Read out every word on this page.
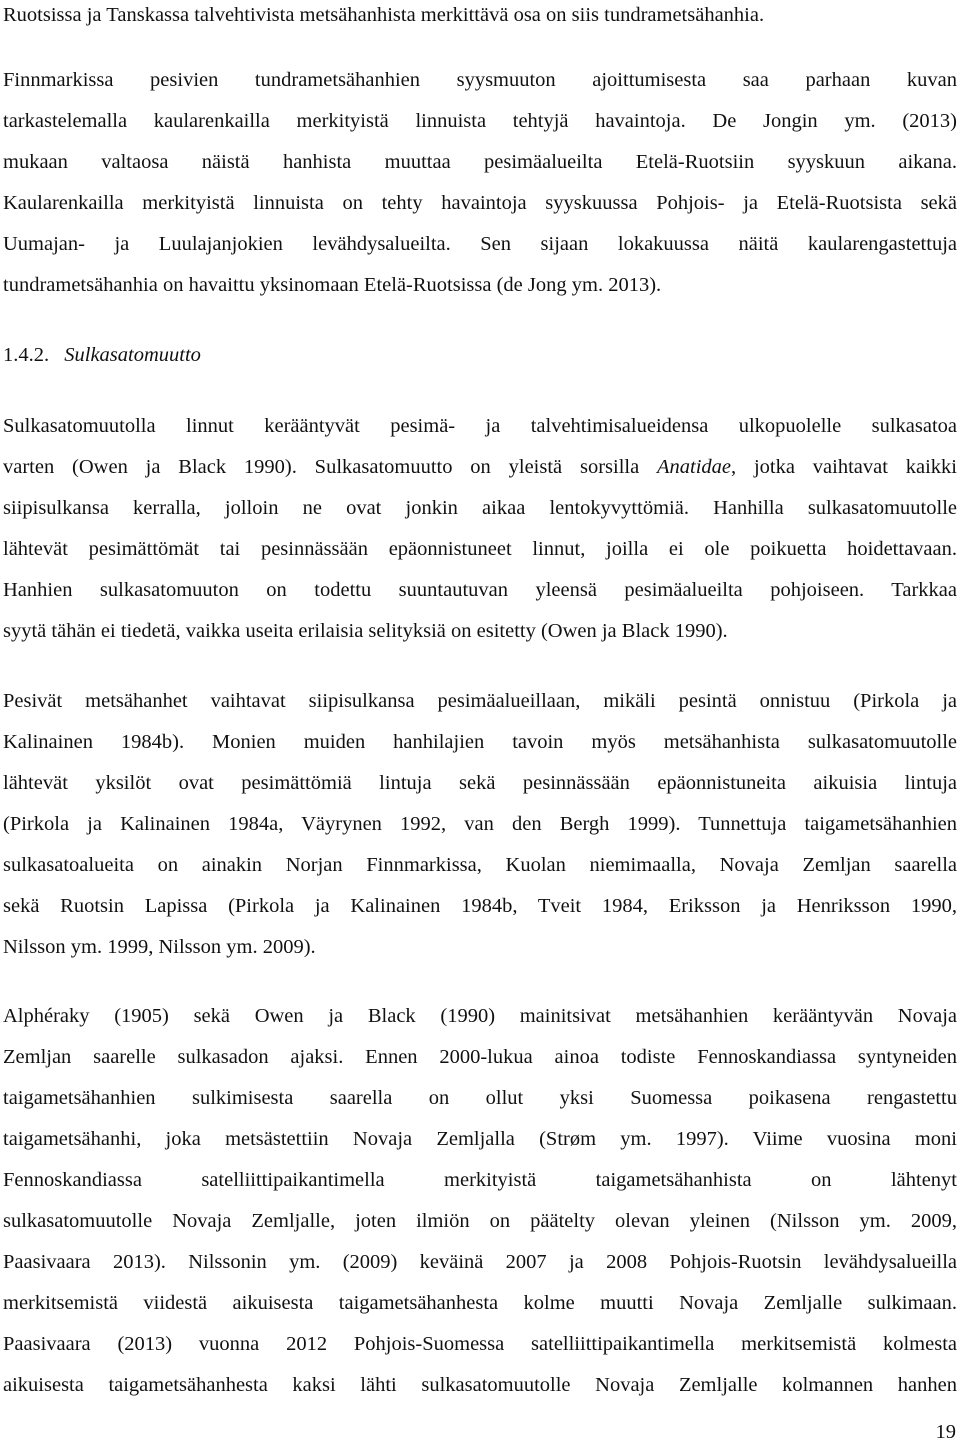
Ruotsissa ja Tanskassa talvehtivista metsähanhista merkittävä osa on siis tundrametsähanhia.
Finnmarkissa pesivien tundrametsähanhien syysmuuton ajoittumisesta saa parhaan kuvan
tarkastelemalla kaularenkailla merkityistä linnuista tehtyjä havaintoja. De Jongin ym. (2013)
mukaan valtaosa näistä hanhista muuttaa pesimäalueilta Etelä-Ruotsiin syyskuun aikana.
Kaularenkailla merkityistä linnuista on tehty havaintoja syyskuussa Pohjois- ja Etelä-Ruotsista sekä
Uumajan- ja Luulajanjokien levähdysalueilta. Sen sijaan lokakuussa näitä kaularengastettuja
tundrametsähanhia on havaittu yksinomaan Etelä-Ruotsissa (de Jong ym. 2013).
1.4.2. Sulkasatomuutto
Sulkasatomuutolla linnut kerääntyvät pesimä- ja talvehtimisalueidensa ulkopuolelle sulkasatoa
varten (Owen ja Black 1990). Sulkasatomuutto on yleistä sorsilla Anatidae, jotka vaihtavat kaikki
siipisulkansa kerralla, jolloin ne ovat jonkin aikaa lentokyvyttömiä. Hanhilla sulkasatomuutolle
lähtevät pesimättömät tai pesinnässään epäonnistuneet linnut, joilla ei ole poikuetta hoidettavaan.
Hanhien sulkasatomuuton on todettu suuntautuvan yleensä pesimäalueilta pohjoiseen. Tarkkaa
syytä tähän ei tiedetä, vaikka useita erilaisia selityksiä on esitetty (Owen ja Black 1990).
Pesivät metsähanhet vaihtavat siipisulkansa pesimäalueillaan, mikäli pesintä onnistuu (Pirkola ja
Kalinainen 1984b). Monien muiden hanhilajien tavoin myös metsähanhista sulkasatomuutolle
lähtevät yksilöt ovat pesimättömiä lintuja sekä pesinnässään epäonnistuneita aikuisia lintuja
(Pirkola ja Kalinainen 1984a, Väyrynen 1992, van den Bergh 1999). Tunnettuja taigametsähanhien
sulkasatoalueita on ainakin Norjan Finnmarkissa, Kuolan niemimaalla, Novaja Zemljan saarella
sekä Ruotsin Lapissa (Pirkola ja Kalinainen 1984b, Tveit 1984, Eriksson ja Henriksson 1990,
Nilsson ym. 1999, Nilsson ym. 2009).
Alphéraky (1905) sekä Owen ja Black (1990) mainitsivat metsähanhien kerääntyvän Novaja
Zemljan saarelle sulkasadon ajaksi. Ennen 2000-lukua ainoa todiste Fennoskandiassa syntyneiden
taigametsähanhien sulkimisesta saarella on ollut yksi Suomessa poikasena rengastettu
taigametsähanhi, joka metsästettiin Novaja Zemljalla (Strøm ym. 1997). Viime vuosina moni
Fennoskandiassa satelliittipaikantimella merkityistä taigametsähanhista on lähtenyt
sulkasatomuutolle Novaja Zemljalle, joten ilmiön on päätelty olevan yleinen (Nilsson ym. 2009,
Paasivaara 2013). Nilssonin ym. (2009) keväinä 2007 ja 2008 Pohjois-Ruotsin levähdysalueilla
merkitsemistä viidestä aikuisesta taigametsähanhesta kolme muutti Novaja Zemljalle sulkimaan.
Paasivaara (2013) vuonna 2012 Pohjois-Suomessa satelliittipaikantimella merkitsemistä kolmesta
aikuisesta taigametsähanhesta kaksi lähti sulkasatomuutolle Novaja Zemljalle kolmannen hanhen
19
